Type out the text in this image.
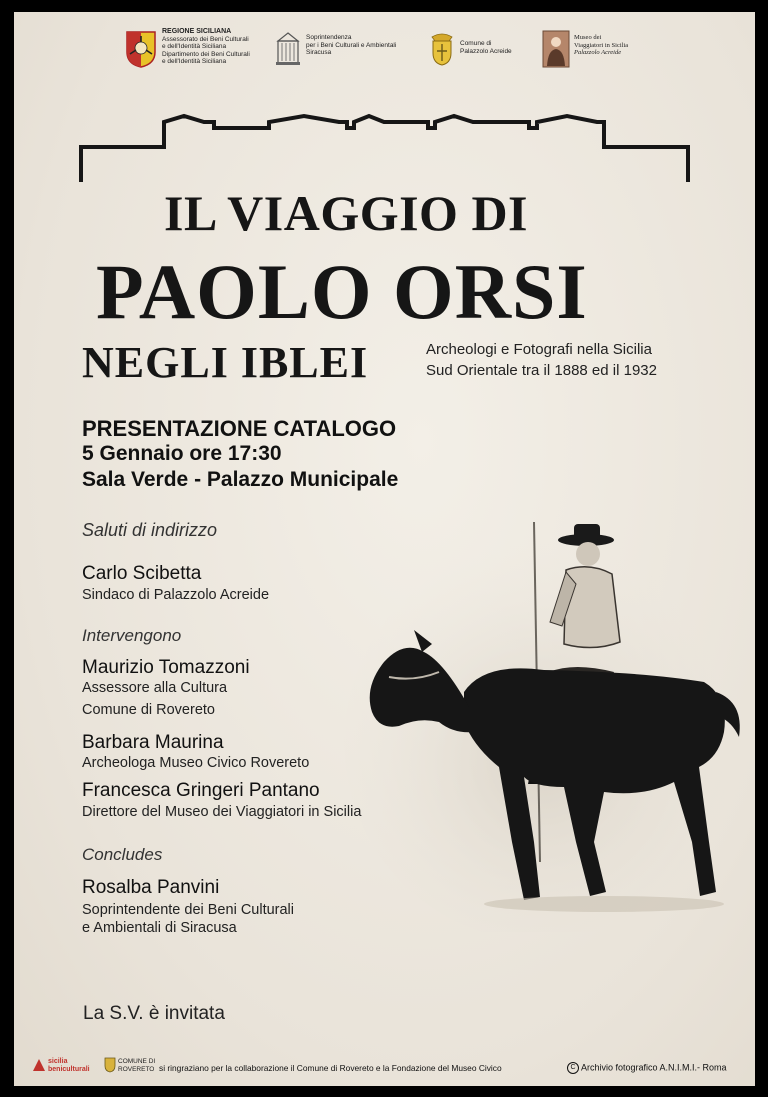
REGIONE SICILIANA
Assessorato dei Beni Culturali
e dell'Identità Siciliana
Dipartimento dei Beni Culturali
e dell'Identità Siciliana
Soprintendenza
per i Beni Culturali e Ambientali
Siracusa
Comune di
Palazzolo Acreide
Museo dei
Viaggiatori in Sicilia
Palazzolo Acreide
IL VIAGGIO DI
PAOLO ORSI
NEGLI IBLEI	Archeologi e Fotografi nella Sicilia
Sud Orientale tra il 1888 ed il 1932
PRESENTAZIONE CATALOGO
5 Gennaio ore 17:30
Sala Verde - Palazzo Municipale
Saluti di indirizzo
Carlo Scibetta
Sindaco di Palazzolo Acreide
Intervengono
Maurizio Tomazzoni
Assessore alla Cultura
Comune di Rovereto
Barbara Maurina
Archeologa Museo Civico Rovereto
Francesca Gringeri Pantano
Direttore del Museo dei Viaggiatori in Sicilia
Concludes
Rosalba Panvini
Soprintendente dei Beni Culturali
e Ambientali di Siracusa
La S.V. è invitata
sicilia
beniculturali
COMUNE DI
ROVERETO si ringraziano per la collaborazione il Comune di Rovereto e la Fondazione del Museo Civico	C Archivio fotografico A.N.I.M.I.- Roma
